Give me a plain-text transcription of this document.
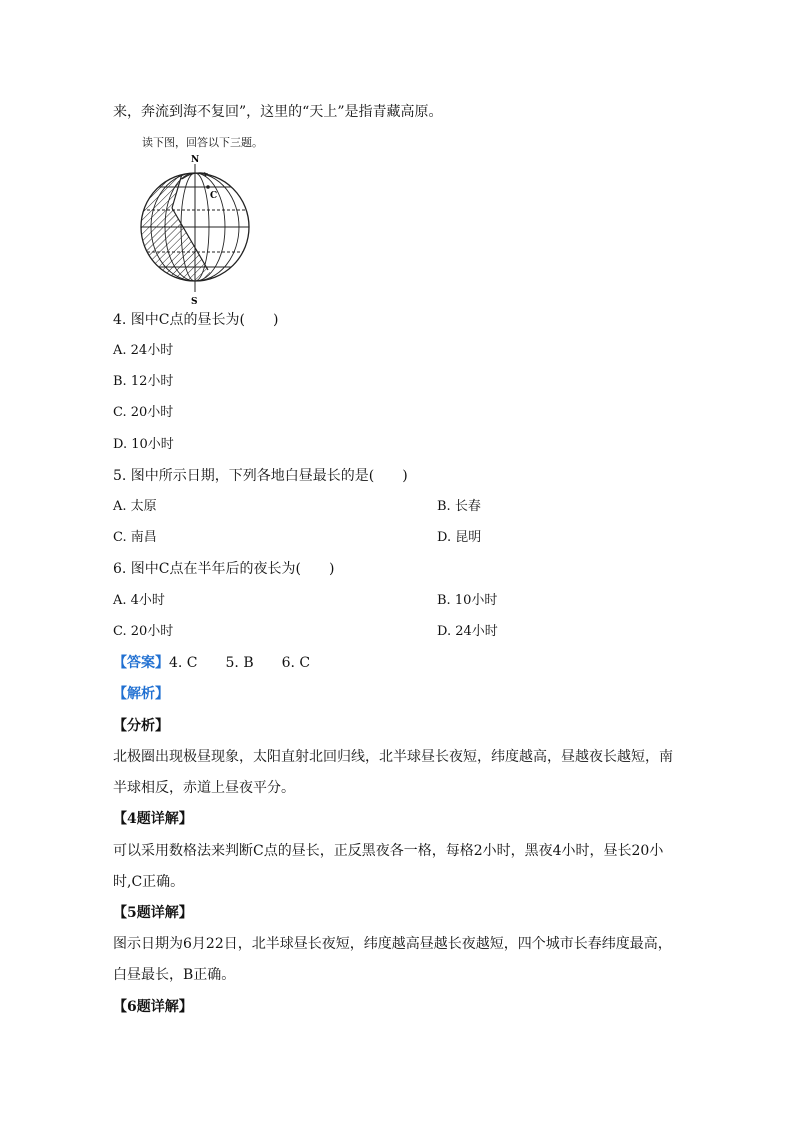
来，奔流到海不复回”，这里的“天上”是指青藏高原。
读下图，回答以下三题。
C
N
S
4. 图中C点的昼长为(　　)
A. 24小时
B. 12小时
C. 20小时
D. 10小时
5. 图中所示日期，下列各地白昼最长的是(　　)
A. 太原	B. 长春
C. 南昌	D. 昆明
6. 图中C点在半年后的夜长为(　　)
A. 4小时	B. 10小时
C. 20小时	D. 24小时
【答案】4. C　　5. B　　6. C
【解析】
【分析】
北极圈出现极昼现象，太阳直射北回归线，北半球昼长夜短，纬度越高，昼越夜长越短，南
半球相反，赤道上昼夜平分。
【4题详解】
可以采用数格法来判断C点的昼长，正反黑夜各一格，每格2小时，黑夜4小时，昼长20小
时,C正确。
【5题详解】
图示日期为6月22日，北半球昼长夜短，纬度越高昼越长夜越短，四个城市长春纬度最高，
白昼最长，B正确。
【6题详解】
